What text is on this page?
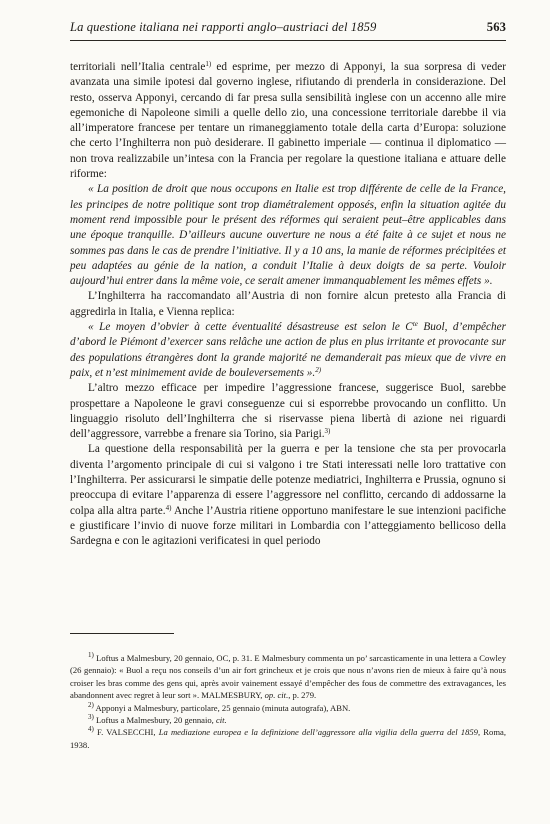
La questione italiana nei rapporti anglo–austriaci del 1859	563

territoriali nell’Italia centrale$^{1)}$ ed esprime, per mezzo di Apponyi, la sua sorpresa di veder avanzata una simile ipotesi dal governo inglese, rifiutando di prenderla in considerazione. Del resto, osserva Apponyi, cercando di far presa sulla sensibilità inglese con un accenno alle mire egemoniche di Napoleone simili a quelle dello zio, una concessione territoriale darebbe il via all’imperatore francese per tentare un rimaneggiamento totale della carta d’Europa: soluzione che certo l’Inghilterra non può desiderare. Il gabinetto imperiale — continua il diplomatico — non trova realizzabile un’intesa con la Francia per regolare la questione italiana e attuare delle riforme:

« La position de droit que nous occupons en Italie est trop différente de celle de la France, les principes de notre politique sont trop diamétralement opposés, enfin la situation agitée du moment rend impossible pour le présent des réformes qui seraient peut–être applicables dans une époque tranquille. D’ailleurs aucune ouverture ne nous a été faite à ce sujet et nous ne sommes pas dans le cas de prendre l’initiative. Il y a 10 ans, la manie de réformes précipitées et peu adaptées au génie de la nation, a conduit l’Italie à deux doigts de sa perte. Vouloir aujourd’hui entrer dans la même voie, ce serait amener immanquablement les mêmes effets ».

L’Inghilterra ha raccomandato all’Austria di non fornire alcun pretesto alla Francia di aggredirla in Italia, e Vienna replica:

« Le moyen d’obvier à cette éventualité désastreuse est selon le $C^{te}$ Buol, d’empêcher d’abord le Piémont d’exercer sans relâche une action de plus en plus irritante et provocante sur des populations étrangères dont la grande majorité ne demanderait pas mieux que de vivre en paix, et n’est minimement avide de bouleversements ».$^{2)}$

L’altro mezzo efficace per impedire l’aggressione francese, suggerisce Buol, sarebbe prospettare a Napoleone le gravi conseguenze cui si esporrebbe provocando un conflitto. Un linguaggio risoluto dell’Inghilterra che si riservasse piena libertà di azione nei riguardi dell’aggressore, varrebbe a frenare sia Torino, sia Parigi.$^{3)}$

La questione della responsabilità per la guerra e per la tensione che sta per provocarla diventa l’argomento principale di cui si valgono i tre Stati interessati nelle loro trattative con l’Inghilterra. Per assicurarsi le simpatie delle potenze mediatrici, Inghilterra e Prussia, ognuno si preoccupa di evitare l’apparenza di essere l’aggressore nel conflitto, cercando di addossarne la colpa alla altra parte.$^{4)}$ Anche l’Austria ritiene opportuno manifestare le sue intenzioni pacifiche e giustificare l’invio di nuove forze militari in Lombardia con l’atteggiamento bellicoso della Sardegna e con le agitazioni verificatesi in quel periodo

$^{1)}$ Loftus a Malmesbury, 20 gennaio, OC, p. 31. E Malmesbury commenta un po’ sarcasticamente in una lettera a Cowley (26 gennaio): « Buol a reçu nos conseils d’un air fort grincheux et je crois que nous n’avons rien de mieux à faire qu’à nous croiser les bras comme des gens qui, après avoir vainement essayé d’empêcher des fous de commettre des extravagances, les abandonnent avec regret à leur sort ». MALMESBURY, op. cit., p. 279.

$^{2)}$ Apponyi a Malmesbury, particolare, 25 gennaio (minuta autografa), ABN.

$^{3)}$ Loftus a Malmesbury, 20 gennaio, cit.

$^{4)}$ F. VALSECCHI, La mediazione europea e la definizione dell’aggressore alla vigilia della guerra del 1859, Roma, 1938.
